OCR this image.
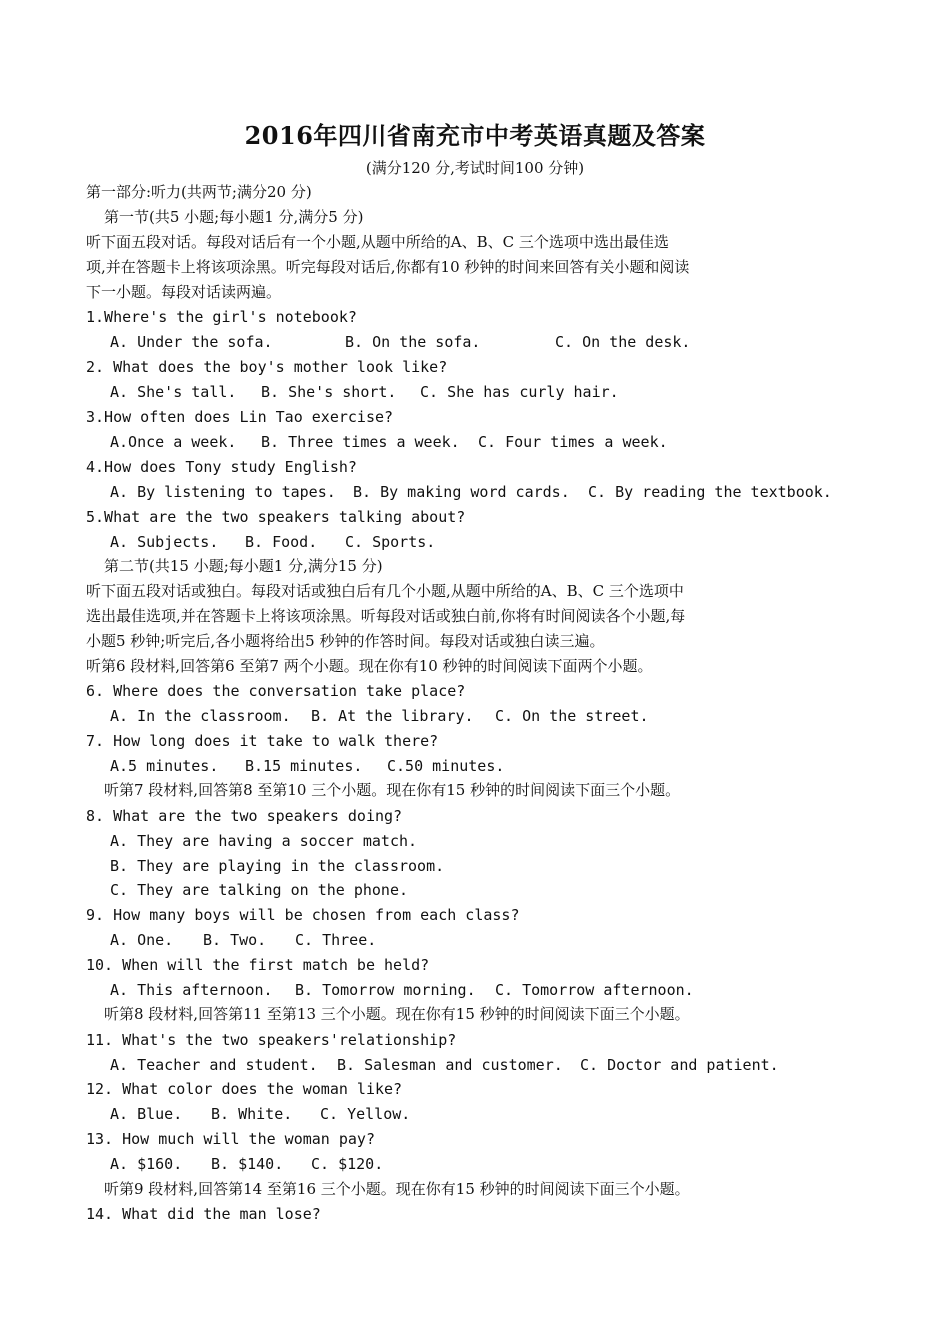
2016年四川省南充市中考英语真题及答案
(满分120 分,考试时间100 分钟)
第一部分:听力(共两节;满分20 分)
第一节(共5 小题;每小题1 分,满分5 分)
听下面五段对话。每段对话后有一个小题,从题中所给的A、B、C 三个选项中选出最佳选
项,并在答题卡上将该项涂黑。听完每段对话后,你都有10 秒钟的时间来回答有关小题和阅读
下一小题。每段对话读两遍。
1.Where's the girl's notebook?
A. Under the sofa.	B. On the sofa.	C. On the desk.
2. What does the boy's mother look like?
A. She's tall. B. She's short. C. She has curly hair.
3.How often does Lin Tao exercise?
A.Once a week. B. Three times a week. C. Four times a week.
4.How does Tony study English?
A. By listening to tapes. B. By making word cards. C. By reading the textbook.
5.What are the two speakers talking about?
A. Subjects. B. Food. C. Sports.
第二节(共15 小题;每小题1 分,满分15 分)
听下面五段对话或独白。每段对话或独白后有几个小题,从题中所给的A、B、C 三个选项中
选出最佳选项,并在答题卡上将该项涂黑。听每段对话或独白前,你将有时间阅读各个小题,每
小题5 秒钟;听完后,各小题将给出5 秒钟的作答时间。每段对话或独白读三遍。
听第6 段材料,回答第6 至第7 两个小题。现在你有10 秒钟的时间阅读下面两个小题。
6. Where does the conversation take place?
A. In the classroom. B. At the library. C. On the street.
7. How long does it take to walk there?
A.5 minutes. B.15 minutes. C.50 minutes.
听第7 段材料,回答第8 至第10 三个小题。现在你有15 秒钟的时间阅读下面三个小题。
8. What are the two speakers doing?
A. They are having a soccer match.
B. They are playing in the classroom.
C. They are talking on the phone.
9. How many boys will be chosen from each class?
A. One. B. Two. C. Three.
10. When will the first match be held?
A. This afternoon. B. Tomorrow morning. C. Tomorrow afternoon.
听第8 段材料,回答第11 至第13 三个小题。现在你有15 秒钟的时间阅读下面三个小题。
11. What's the two speakers'relationship?
A. Teacher and student. B. Salesman and customer. C. Doctor and patient.
12. What color does the woman like?
A. Blue. B. White. C. Yellow.
13. How much will the woman pay?
A. $160. B. $140. C. $120.
听第9 段材料,回答第14 至第16 三个小题。现在你有15 秒钟的时间阅读下面三个小题。
14. What did the man lose?
